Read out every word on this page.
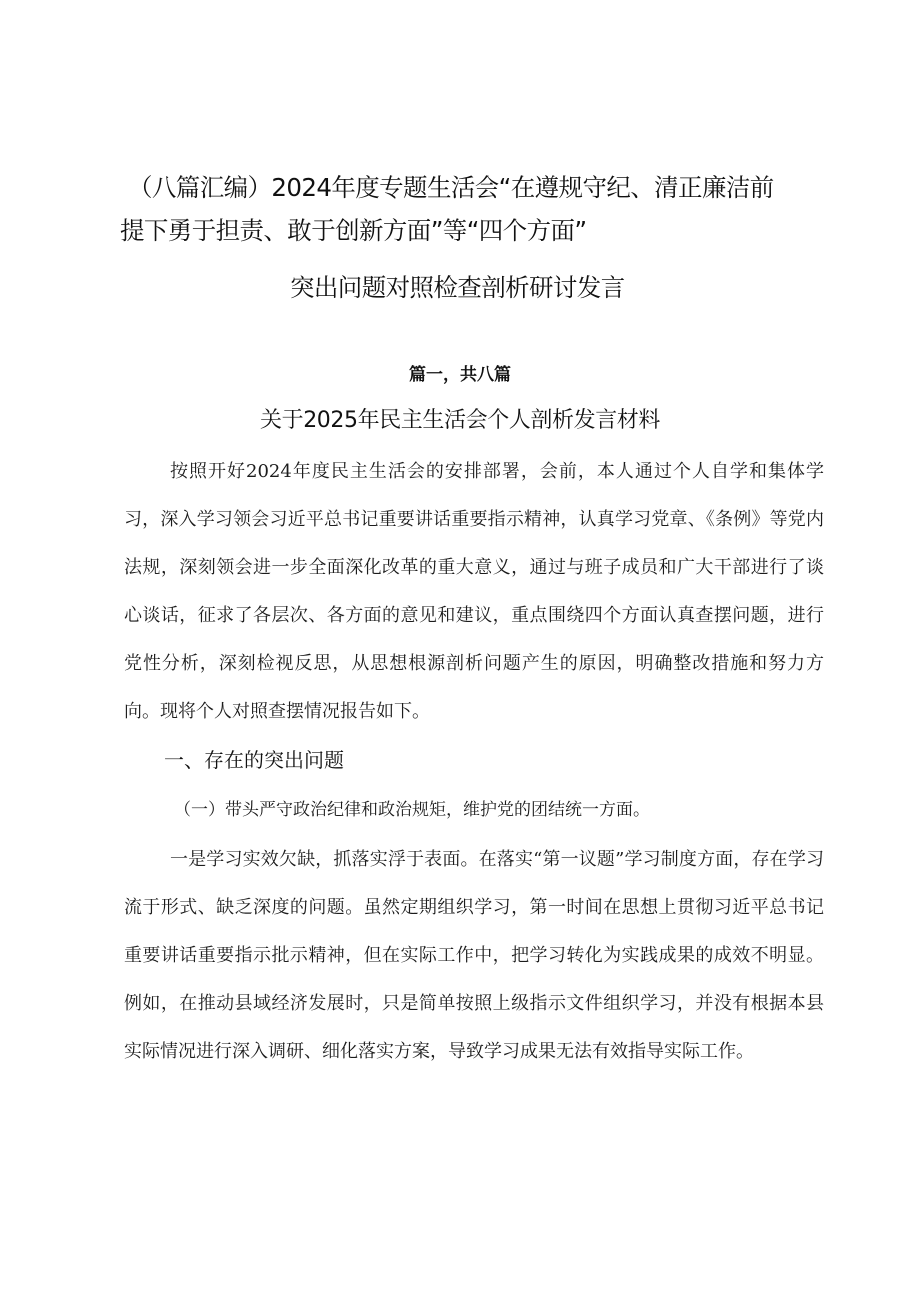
（八篇汇编）2024年度专题生活会“在遵规守纪、清正廉洁前
提下勇于担责、敢于创新方面”等“四个方面”
突出问题对照检查剖析研讨发言
篇一，共八篇
关于2025年民主生活会个人剖析发言材料
按照开好2024年度民主生活会的安排部署，会前，本人通过个人自学和集体学习，深入学习领会习近平总书记重要讲话重要指示精神，认真学习党章、《条例》等党内法规，深刻领会进一步全面深化改革的重大意义，通过与班子成员和广大干部进行了谈心谈话，征求了各层次、各方面的意见和建议，重点围绕四个方面认真查摆问题，进行党性分析，深刻检视反思，从思想根源剖析问题产生的原因，明确整改措施和努力方向。现将个人对照查摆情况报告如下。
一、存在的突出问题
（一）带头严守政治纪律和政治规矩，维护党的团结统一方面。
一是学习实效欠缺，抓落实浮于表面。在落实“第一议题”学习制度方面，存在学习流于形式、缺乏深度的问题。虽然定期组织学习，第一时间在思想上贯彻习近平总书记重要讲话重要指示批示精神，但在实际工作中，把学习转化为实践成果的成效不明显。例如，在推动县域经济发展时，只是简单按照上级指示文件组织学习，并没有根据本县实际情况进行深入调研、细化落实方案，导致学习成果无法有效指导实际工作。
